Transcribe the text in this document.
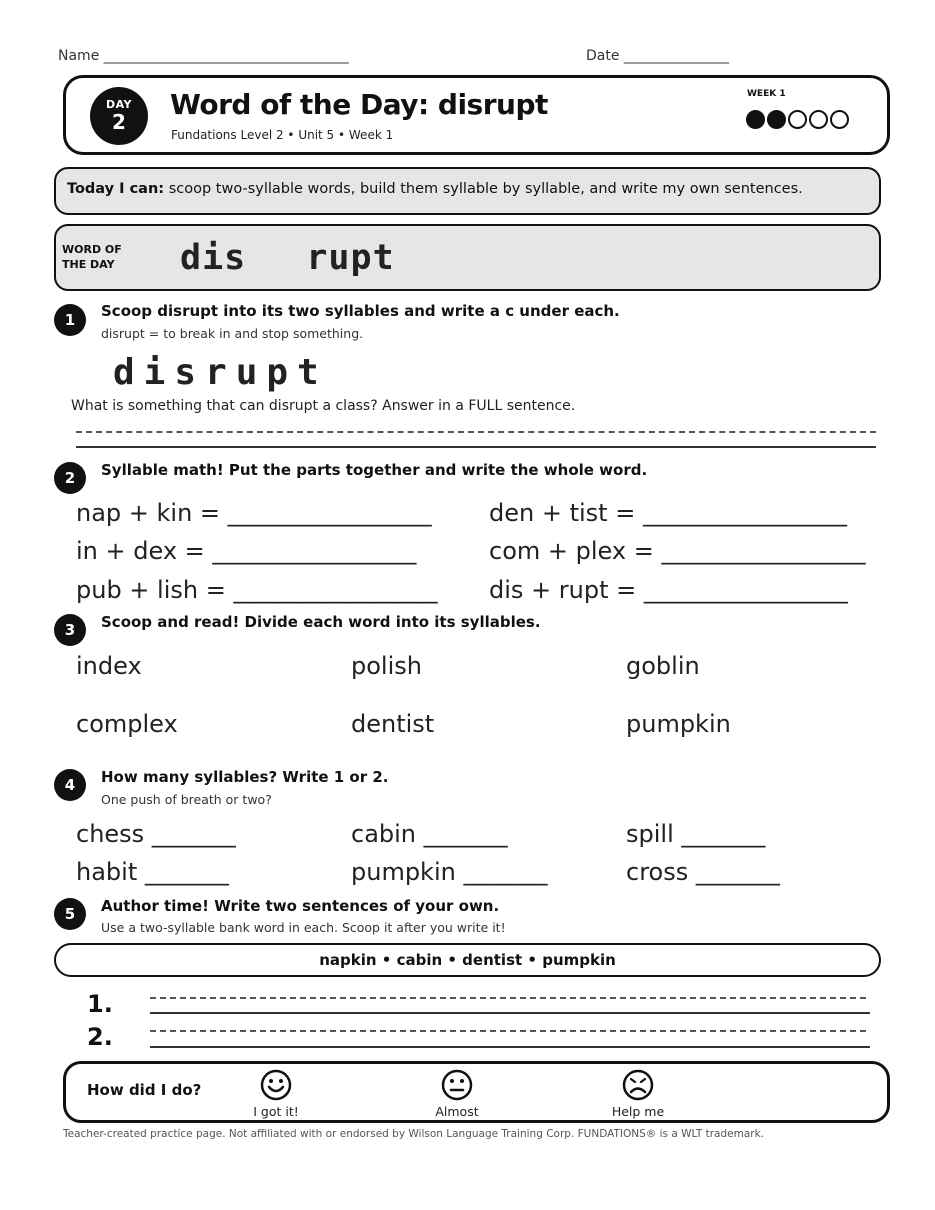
Name ___________________________________	Date _______________
DAY
2
Word of the Day: disrupt
Fundations Level 2 • Unit 5 • Week 1
WEEK 1
Today I can: scoop two-syllable words, build them syllable by syllable, and write my own sentences.
WORD OF
THE DAY dis  rupt
1	Scoop disrupt into its two syllables and write a c under each.
disrupt = to break in and stop something.
disrupt
What is something that can disrupt a class? Answer in a FULL sentence.
2	Syllable math! Put the parts together and write the whole word.
nap + kin = _________________ den + tist = _________________
in + dex = _________________	com + plex = _________________
pub + lish = _________________ dis + rupt = _________________
3	Scoop and read! Divide each word into its syllables.
index	polish	goblin
complex	dentist	pumpkin
4	How many syllables? Write 1 or 2.
One push of breath or two?
chess _______	cabin _______	spill _______
habit _______	pumpkin _______	cross _______
5	Author time! Write two sentences of your own.
Use a two-syllable bank word in each. Scoop it after you write it!
napkin • cabin • dentist • pumpkin
1.
2.
How did I do?
I got it!	Almost	Help me
Teacher-created practice page. Not affiliated with or endorsed by Wilson Language Training Corp. FUNDATIONS® is a WLT trademark.
